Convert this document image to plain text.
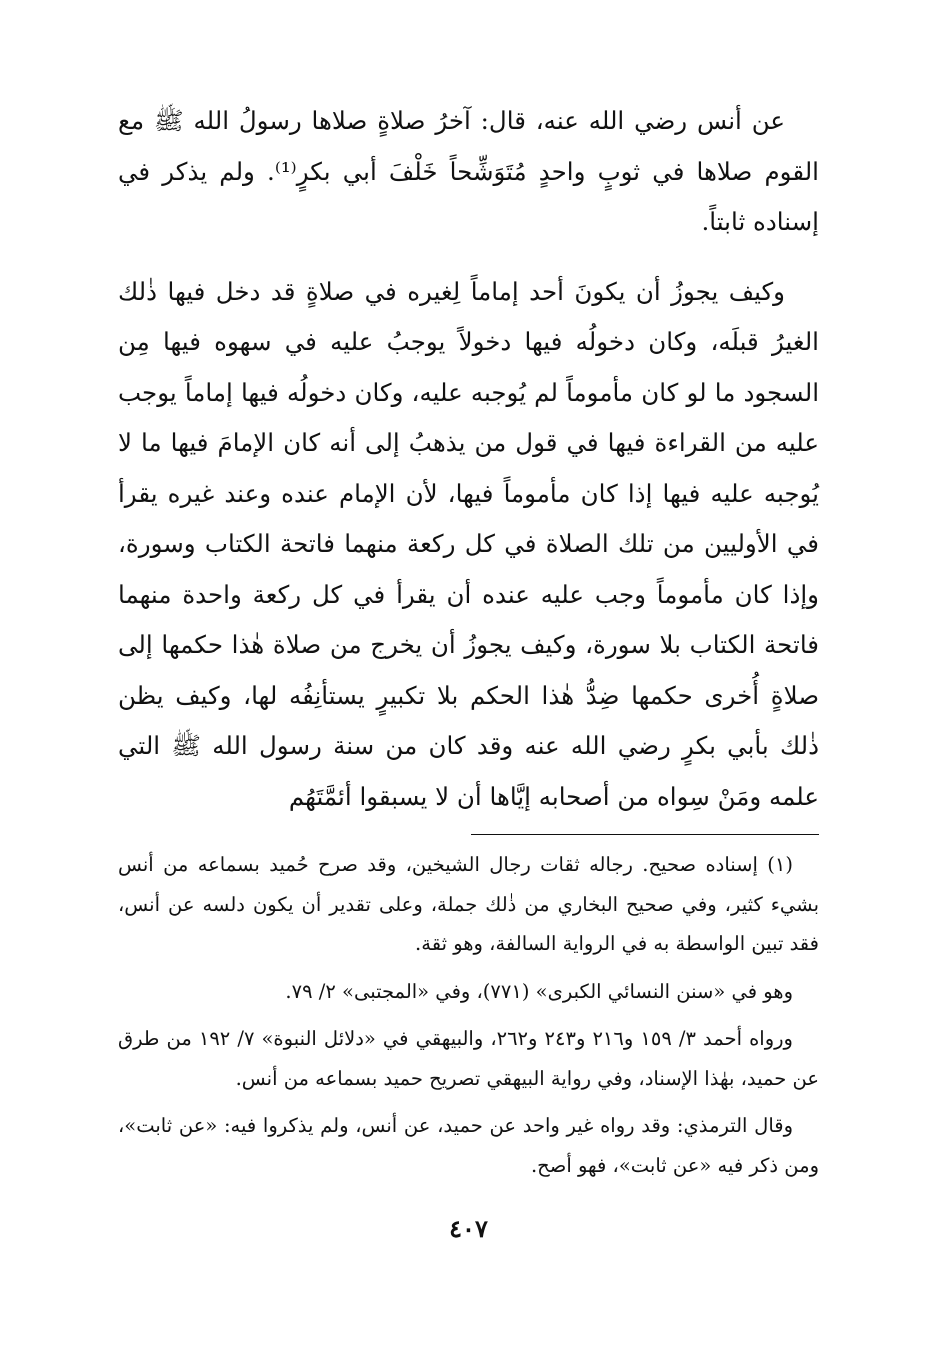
عن أنس رضي الله عنه، قال: آخرُ صلاةٍ صلاها رسولُ الله ﷺ مع القوم صلاها في ثوبٍ واحدٍ مُتَوَشِّحاً خَلْفَ أبي بكرٍ⁽¹⁾. ولم يذكر في إسناده ثابتاً.

وكيف يجوزُ أن يكونَ أحد إماماً لِغيره في صلاةٍ قد دخل فيها ذٰلك الغيرُ قبلَه، وكان دخولُه فيها دخولاً يوجبُ عليه في سهوه فيها مِن السجود ما لو كان مأموماً لم يُوجبه عليه، وكان دخولُه فيها إماماً يوجب عليه من القراءة فيها في قول من يذهبُ إلى أنه كان الإمامَ فيها ما لا يُوجبه عليه فيها إذا كان مأموماً فيها، لأن الإمام عنده وعند غيره يقرأ في الأوليين من تلك الصلاة في كل ركعة منهما فاتحة الكتاب وسورة، وإذا كان مأموماً وجب عليه عنده أن يقرأ في كل ركعة واحدة منهما فاتحة الكتاب بلا سورة، وكيف يجوزُ أن يخرج من صلاة هٰذا حكمها إلى صلاةٍ أُخرى حكمها ضِدُّ هٰذا الحكم بلا تكبيرٍ يستأنِفُه لها، وكيف يظن ذٰلك بأبي بكرٍ رضي الله عنه وقد كان من سنة رسول الله ﷺ التي علمه ومَنْ سِواه من أصحابه إيَّاها أن لا يسبقوا أئمَّتَهُم

(١) إسناده صحيح. رجاله ثقات رجال الشيخين، وقد صرح حُميد بسماعه من أنس بشيء كثير، وفي صحيح البخاري من ذٰلك جملة، وعلى تقدير أن يكون دلسه عن أنس، فقد تبين الواسطة به في الرواية السالفة، وهو ثقة.

وهو في «سنن النسائي الكبرى» (٧٧١)، وفي «المجتبى» ٢/ ٧٩.

ورواه أحمد ٣/ ١٥٩ و٢١٦ و٢٤٣ و٢٦٢، والبيهقي في «دلائل النبوة» ٧/ ١٩٢ من طرق عن حميد، بهٰذا الإسناد، وفي رواية البيهقي تصريح حميد بسماعه من أنس.

وقال الترمذي: وقد رواه غير واحد عن حميد، عن أنس، ولم يذكروا فيه: «عن ثابت»، ومن ذكر فيه «عن ثابت»، فهو أصح.

٤٠٧
